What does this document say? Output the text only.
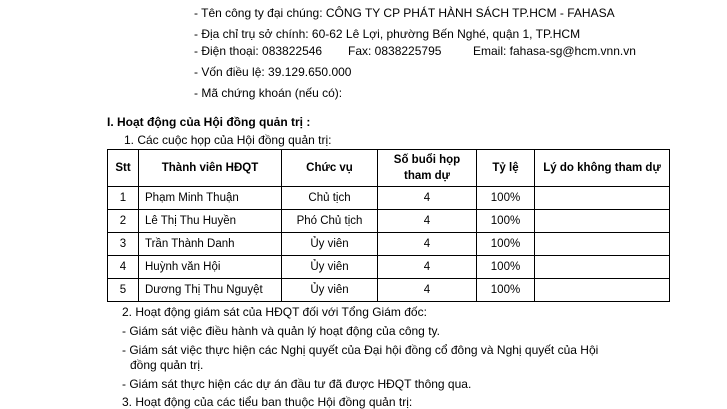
- Tên công ty đại chúng: CÔNG TY CP PHÁT HÀNH SÁCH TP.HCM - FAHASA
- Địa chỉ trụ sở chính: 60-62 Lê Lợi, phường Bến Nghé, quận 1, TP.HCM
- Điện thoại: 083822546 Fax: 0838225795	Email: fahasa-sg@hcm.vnn.vn
- Vốn điều lệ: 39.129.650.000
- Mã chứng khoán (nếu có):
I. Hoạt động của Hội đồng quản trị :
1. Các cuộc họp của Hội đồng quản trị:
Stt	Thành viên HĐQT	Chức vụ	Số buổi họp tham dự	Tỷ lệ	Lý do không tham dự
1	Phạm Minh Thuận	Chủ tịch	4	100%	
2	Lê Thị Thu Huyền	Phó Chủ tịch	4	100%	
3	Trần Thành Danh	Ủy viên	4	100%	
4	Huỳnh văn Hội	Ủy viên	4	100%	
5	Dương Thị Thu Nguyệt	Ủy viên	4	100%	
2. Hoạt động giám sát của HĐQT đối với Tổng Giám đốc:
- Giám sát việc điều hành và quản lý hoạt động của công ty.
- Giám sát việc thực hiện các Nghị quyết của Đại hội đồng cổ đông và Nghị quyết của Hội
đồng quản trị.
- Giám sát thực hiện các dự án đầu tư đã được HĐQT thông qua.
3. Hoạt động của các tiểu ban thuộc Hội đồng quản trị:
